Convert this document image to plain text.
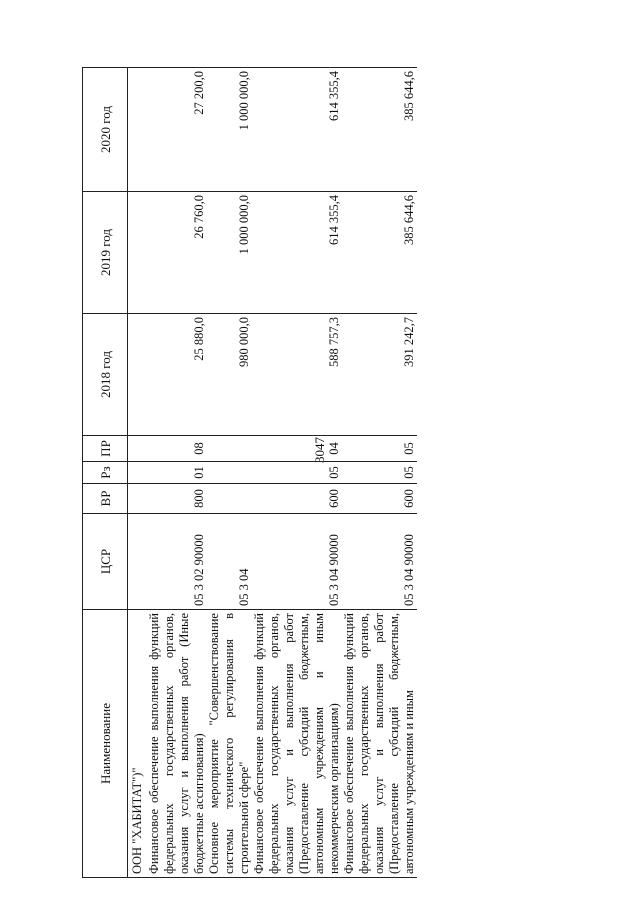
3047
Наименование	ЦСР	ВР	Рз	ПР	2018 год	2019 год	2020 год
ООН "ХАБИТАТ")"							
Финансовое обеспечение выполнения функций федеральных государственных органов, оказания услуг и выполнения работ (Иные бюджетные ассигнования)	05 3 02 90000	800	01	08	25 880,0	26 760,0	27 200,0
Основное мероприятие "Совершенствование системы технического регулирования в строительной сфере"	05 3 04				980 000,0	1 000 000,0	1 000 000,0
Финансовое обеспечение выполнения функций федеральных государственных органов, оказания услуг и выполнения работ (Предоставление субсидий бюджетным, автономным учреждениям и иным некоммерческим организациям)	05 3 04 90000	600	05	04	588 757,3	614 355,4	614 355,4
Финансовое обеспечение выполнения функций федеральных государственных органов, оказания услуг и выполнения работ (Предоставление субсидий бюджетным, автономным учреждениям и иным	05 3 04 90000	600	05	05	391 242,7	385 644,6	385 644,6
